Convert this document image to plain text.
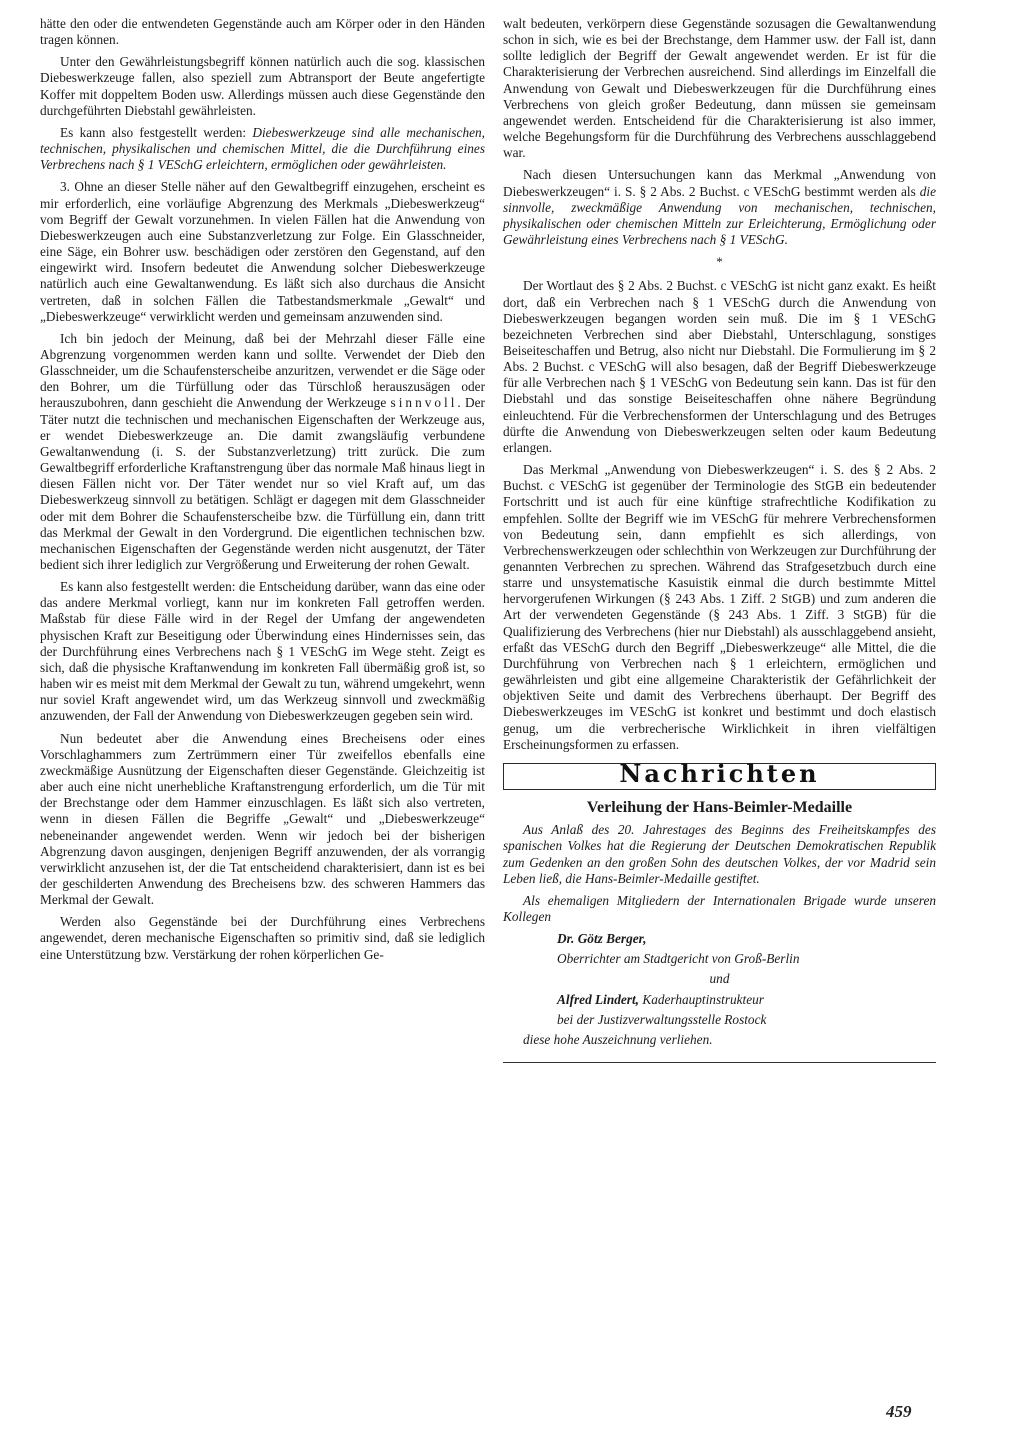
hätte den oder die entwendeten Gegenstände auch am Körper oder in den Händen tragen können.

Unter den Gewährleistungsbegriff können natürlich auch die sog. klassischen Diebeswerkzeuge fallen, also speziell zum Abtransport der Beute angefertigte Koffer mit doppeltem Boden usw. Allerdings müssen auch diese Gegenstände den durchgeführten Diebstahl gewährleisten.

Es kann also festgestellt werden: Diebeswerkzeuge sind alle mechanischen, technischen, physikalischen und chemischen Mittel, die die Durchführung eines Verbrechens nach § 1 VESchG erleichtern, ermöglichen oder gewährleisten.

3. Ohne an dieser Stelle näher auf den Gewaltbegriff einzugehen, erscheint es mir erforderlich, eine vorläufige Abgrenzung des Merkmals „Diebeswerkzeug“ vom Begriff der Gewalt vorzunehmen. In vielen Fällen hat die Anwendung von Diebeswerkzeugen auch eine Substanzverletzung zur Folge. Ein Glasschneider, eine Säge, ein Bohrer usw. beschädigen oder zerstören den Gegenstand, auf den eingewirkt wird. Insofern bedeutet die Anwendung solcher Diebeswerkzeuge natürlich auch eine Gewaltanwendung. Es läßt sich also durchaus die Ansicht vertreten, daß in solchen Fällen die Tatbestandsmerkmale „Gewalt“ und „Diebeswerkzeuge“ verwirklicht werden und gemeinsam anzuwenden sind.

Ich bin jedoch der Meinung, daß bei der Mehrzahl dieser Fälle eine Abgrenzung vorgenommen werden kann und sollte. Verwendet der Dieb den Glasschneider, um die Schaufensterscheibe anzuritzen, verwendet er die Säge oder den Bohrer, um die Türfüllung oder das Türschloß herauszusägen oder herauszubohren, dann geschieht die Anwendung der Werkzeuge sinnvoll. Der Täter nutzt die technischen und mechanischen Eigenschaften der Werkzeuge aus, er wendet Diebeswerkzeuge an. Die damit zwangsläufig verbundene Gewaltanwendung (i. S. der Substanzverletzung) tritt zurück. Die zum Gewaltbegriff erforderliche Kraftanstrengung über das normale Maß hinaus liegt in diesen Fällen nicht vor. Der Täter wendet nur so viel Kraft auf, um das Diebeswerkzeug sinnvoll zu betätigen. Schlägt er dagegen mit dem Glasschneider oder mit dem Bohrer die Schaufensterscheibe bzw. die Türfüllung ein, dann tritt das Merkmal der Gewalt in den Vordergrund. Die eigentlichen technischen bzw. mechanischen Eigenschaften der Gegenstände werden nicht ausgenutzt, der Täter bedient sich ihrer lediglich zur Vergrößerung und Erweiterung der rohen Gewalt.

Es kann also festgestellt werden: die Entscheidung darüber, wann das eine oder das andere Merkmal vorliegt, kann nur im konkreten Fall getroffen werden. Maßstab für diese Fälle wird in der Regel der Umfang der angewendeten physischen Kraft zur Beseitigung oder Überwindung eines Hindernisses sein, das der Durchführung eines Verbrechens nach § 1 VESchG im Wege steht. Zeigt es sich, daß die physische Kraftanwendung im konkreten Fall übermäßig groß ist, so haben wir es meist mit dem Merkmal der Gewalt zu tun, während umgekehrt, wenn nur soviel Kraft angewendet wird, um das Werkzeug sinnvoll und zweckmäßig anzuwenden, der Fall der Anwendung von Diebeswerkzeugen gegeben sein wird.

Nun bedeutet aber die Anwendung eines Brecheisens oder eines Vorschlaghammers zum Zertrümmern einer Tür zweifellos ebenfalls eine zweckmäßige Ausnützung der Eigenschaften dieser Gegenstände. Gleichzeitig ist aber auch eine nicht unerhebliche Kraftanstrengung erforderlich, um die Tür mit der Brechstange oder dem Hammer einzuschlagen. Es läßt sich also vertreten, wenn in diesen Fällen die Begriffe „Gewalt“ und „Diebeswerkzeuge“ nebeneinander angewendet werden. Wenn wir jedoch bei der bisherigen Abgrenzung davon ausgingen, denjenigen Begriff anzuwenden, der als vorrangig verwirklicht anzusehen ist, der die Tat entscheidend charakterisiert, dann ist es bei der geschilderten Anwendung des Brecheisens bzw. des schweren Hammers das Merkmal der Gewalt.

Werden also Gegenstände bei der Durchführung eines Verbrechens angewendet, deren mechanische Eigenschaften so primitiv sind, daß sie lediglich eine Unterstützung bzw. Verstärkung der rohen körperlichen Ge-

walt bedeuten, verkörpern diese Gegenstände sozusagen die Gewaltanwendung schon in sich, wie es bei der Brechstange, dem Hammer usw. der Fall ist, dann sollte lediglich der Begriff der Gewalt angewendet werden. Er ist für die Charakterisierung der Verbrechen ausreichend. Sind allerdings im Einzelfall die Anwendung von Gewalt und Diebeswerkzeugen für die Durchführung eines Verbrechens von gleich großer Bedeutung, dann müssen sie gemeinsam angewendet werden. Entscheidend für die Charakterisierung ist also immer, welche Begehungsform für die Durchführung des Verbrechens ausschlaggebend war.

Nach diesen Untersuchungen kann das Merkmal „Anwendung von Diebeswerkzeugen“ i. S. § 2 Abs. 2 Buchst. c VESchG bestimmt werden als die sinnvolle, zweckmäßige Anwendung von mechanischen, technischen, physikalischen oder chemischen Mitteln zur Erleichterung, Ermöglichung oder Gewährleistung eines Verbrechens nach § 1 VESchG.

*

Der Wortlaut des § 2 Abs. 2 Buchst. c VESchG ist nicht ganz exakt. Es heißt dort, daß ein Verbrechen nach § 1 VESchG durch die Anwendung von Diebeswerkzeugen begangen worden sein muß. Die im § 1 VESchG bezeichneten Verbrechen sind aber Diebstahl, Unterschlagung, sonstiges Beiseiteschaffen und Betrug, also nicht nur Diebstahl. Die Formulierung im § 2 Abs. 2 Buchst. c VESchG will also besagen, daß der Begriff Diebeswerkzeuge für alle Verbrechen nach § 1 VESchG von Bedeutung sein kann. Das ist für den Diebstahl und das sonstige Beiseiteschaffen ohne nähere Begründung einleuchtend. Für die Verbrechensformen der Unterschlagung und des Betruges dürfte die Anwendung von Diebeswerkzeugen selten oder kaum Bedeutung erlangen.

Das Merkmal „Anwendung von Diebeswerkzeugen“ i. S. des § 2 Abs. 2 Buchst. c VESchG ist gegenüber der Terminologie des StGB ein bedeutender Fortschritt und ist auch für eine künftige strafrechtliche Kodifikation zu empfehlen. Sollte der Begriff wie im VESchG für mehrere Verbrechensformen von Bedeutung sein, dann empfiehlt es sich allerdings, von Verbrechenswerkzeugen oder schlechthin von Werkzeugen zur Durchführung der genannten Verbrechen zu sprechen. Während das Strafgesetzbuch durch eine starre und unsystematische Kasuistik einmal die durch bestimmte Mittel hervorgerufenen Wirkungen (§ 243 Abs. 1 Ziff. 2 StGB) und zum anderen die Art der verwendeten Gegenstände (§ 243 Abs. 1 Ziff. 3 StGB) für die Qualifizierung des Verbrechens (hier nur Diebstahl) als ausschlaggebend ansieht, erfaßt das VESchG durch den Begriff „Diebeswerkzeuge“ alle Mittel, die die Durchführung von Verbrechen nach § 1 erleichtern, ermöglichen und gewährleisten und gibt eine allgemeine Charakteristik der Gefährlichkeit der objektiven Seite und damit des Verbrechens überhaupt. Der Begriff des Diebeswerkzeuges im VESchG ist konkret und bestimmt und doch elastisch genug, um die verbrecherische Wirklichkeit in ihren vielfältigen Erscheinungsformen zu erfassen.

Nachrichten
Verleihung der Hans-Beimler-Medaille

Aus Anlaß des 20. Jahrestages des Beginns des Freiheitskampfes des spanischen Volkes hat die Regierung der Deutschen Demokratischen Republik zum Gedenken an den großen Sohn des deutschen Volkes, der vor Madrid sein Leben ließ, die Hans-Beimler-Medaille gestiftet.

Als ehemaligen Mitgliedern der Internationalen Brigade wurde unseren Kollegen

Dr. Götz Berger,
Oberrichter am Stadtgericht von Groß-Berlin
und
Alfred Lindert, Kaderhauptinstrukteur
bei der Justizverwaltungsstelle Rostock
diese hohe Auszeichnung verliehen.
459
